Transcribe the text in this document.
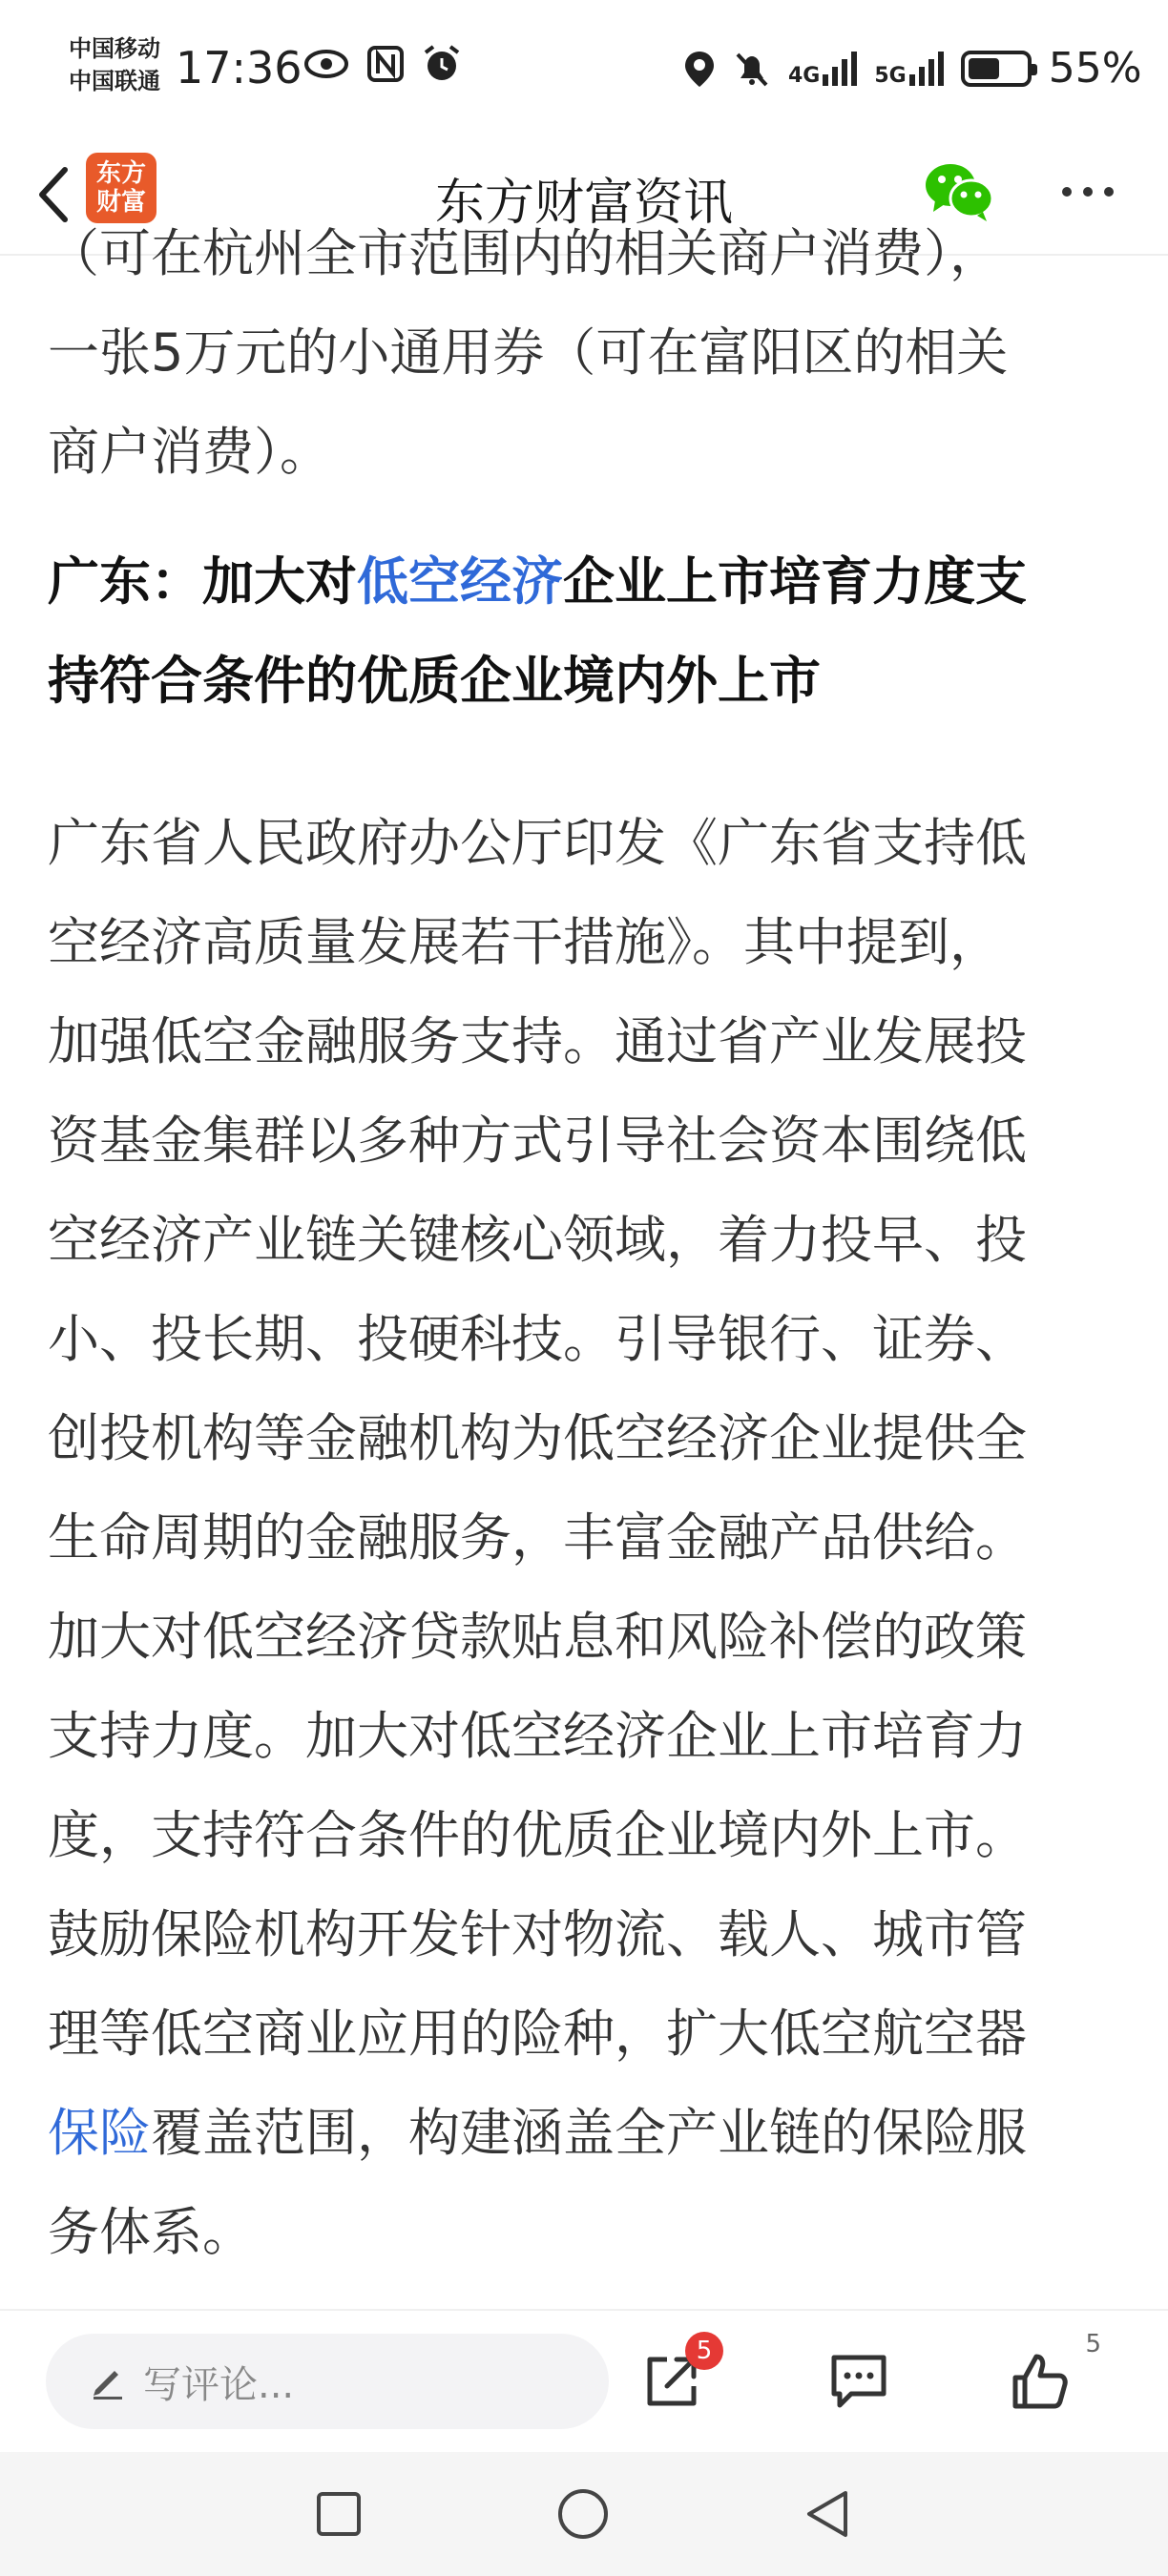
中国移动
中国联通 17:36	4G	5G	55%
东方
财富	东方财富资讯
（可在杭州全市范围内的相关商户消费），
一张5万元的小通用券（可在富阳区的相关
商户消费）。
广东：加大对低空经济企业上市培育力度支
持符合条件的优质企业境内外上市
广东省人民政府办公厅印发《广东省支持低
空经济高质量发展若干措施》。其中提到，
加强低空金融服务支持。通过省产业发展投
资基金集群以多种方式引导社会资本围绕低
空经济产业链关键核心领域，着力投早、投
小、投长期、投硬科技。引导银行、证券、
创投机构等金融机构为低空经济企业提供全
生命周期的金融服务，丰富金融产品供给。
加大对低空经济贷款贴息和风险补偿的政策
支持力度。加大对低空经济企业上市培育力
度，支持符合条件的优质企业境内外上市。
鼓励保险机构开发针对物流、载人、城市管
理等低空商业应用的险种，扩大低空航空器
保险覆盖范围，构建涵盖全产业链的保险服
务体系。
写评论...
5	5
